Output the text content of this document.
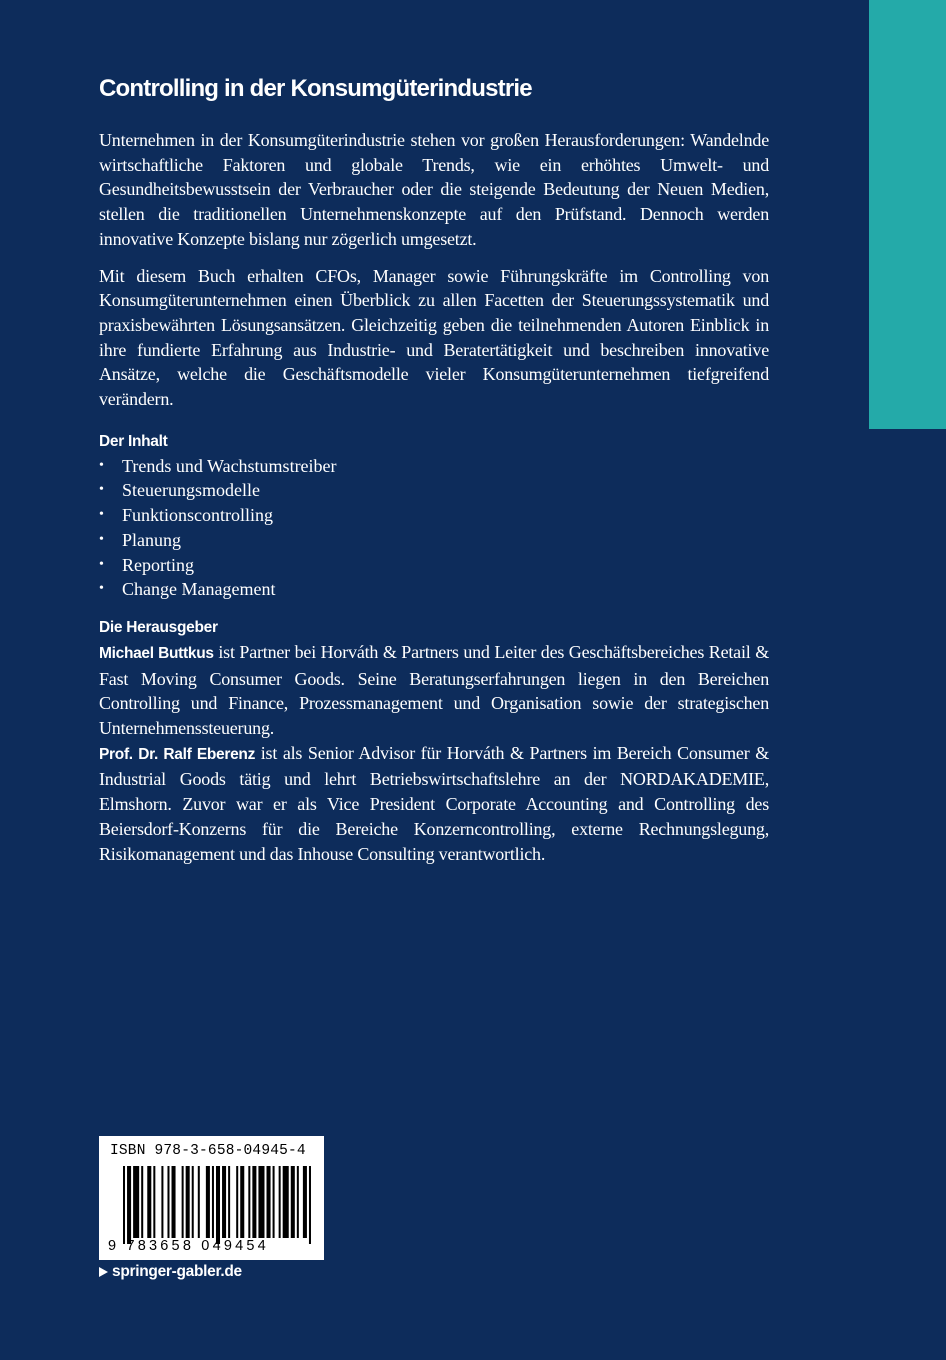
Controlling in der Konsumgüterindustrie

Unternehmen in der Konsumgüterindustrie stehen vor großen Herausforderungen: Wandelnde wirtschaftliche Faktoren und globale Trends, wie ein erhöhtes Umwelt- und Gesundheitsbewusstsein der Verbraucher oder die steigende Bedeutung der Neuen Medien, stellen die traditionellen Unternehmenskonzepte auf den Prüfstand. Dennoch werden innovative Konzepte bislang nur zögerlich umgesetzt.

Mit diesem Buch erhalten CFOs, Manager sowie Führungskräfte im Controlling von Konsumgüterunternehmen einen Überblick zu allen Facetten der Steuerungssystematik und praxisbewährten Lösungsansätzen. Gleichzeitig geben die teilnehmenden Autoren Einblick in ihre fundierte Erfahrung aus Industrie- und Beratertätigkeit und beschreiben innovative Ansätze, welche die Geschäftsmodelle vieler Konsumgüterunternehmen tiefgreifend verändern.

Der Inhalt
• Trends und Wachstumstreiber
• Steuerungsmodelle
• Funktionscontrolling
• Planung
• Reporting
• Change Management
Die Herausgeber

Michael Buttkus ist Partner bei Horváth & Partners und Leiter des Geschäftsbereiches Retail & Fast Moving Consumer Goods. Seine Beratungserfahrungen liegen in den Bereichen Controlling und Finance, Prozessmanagement und Organisation sowie der strategischen Unternehmenssteuerung.

Prof. Dr. Ralf Eberenz ist als Senior Advisor für Horváth & Partners im Bereich Consumer & Industrial Goods tätig und lehrt Betriebswirtschaftslehre an der NORDAKADEMIE, Elmshorn. Zuvor war er als Vice President Corporate Accounting and Controlling des Beiersdorf-Konzerns für die Bereiche Konzerncontrolling, externe Rechnungslegung, Risikomanagement und das Inhouse Consulting verantwortlich.

ISBN 978-3-658-04945-4
9 783658 049454
springer-gabler.de
